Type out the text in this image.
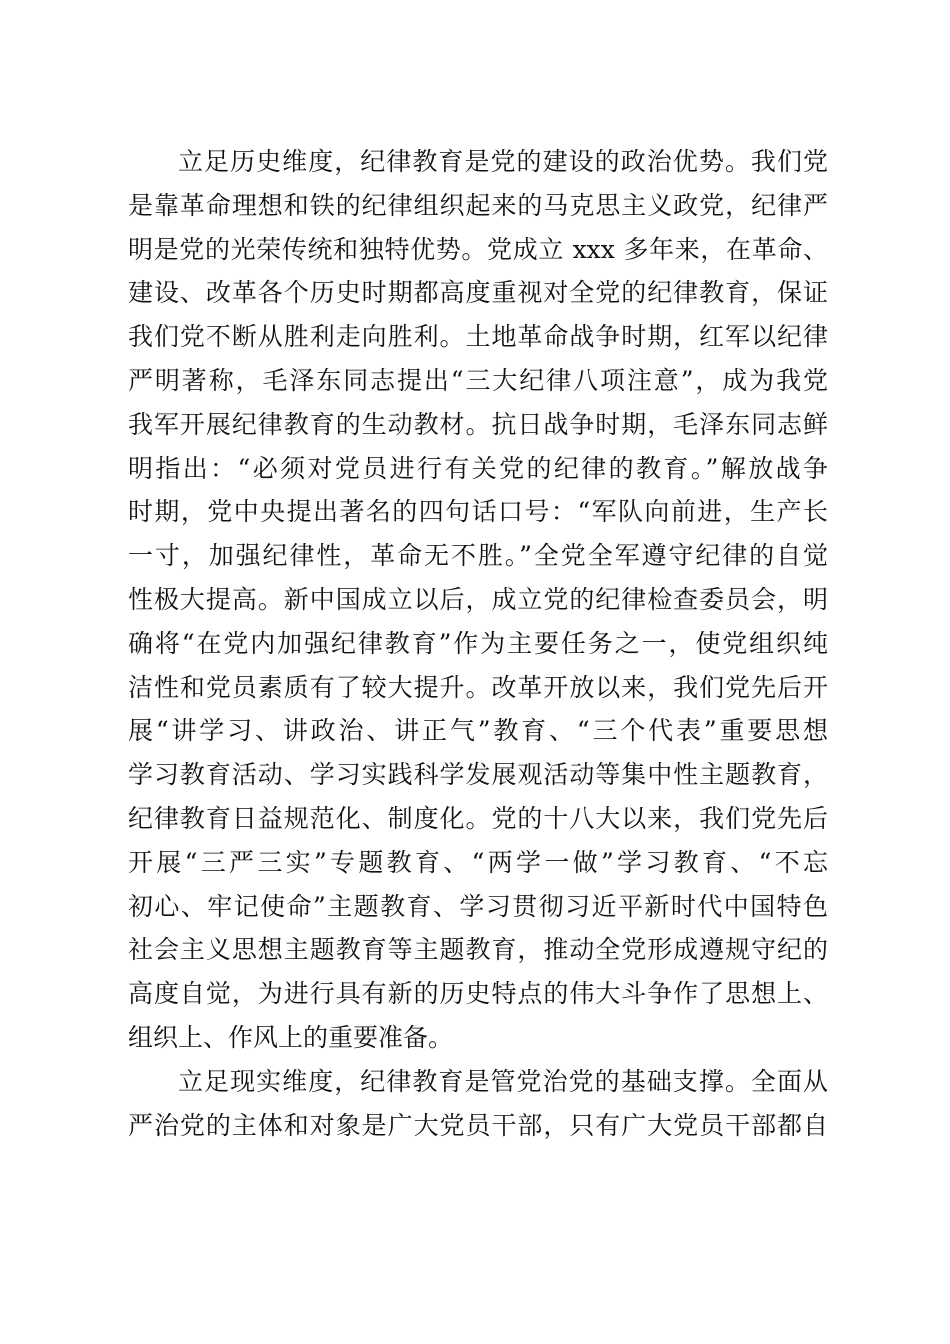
立足历史维度，纪律教育是党的建设的政治优势。我们党
是靠革命理想和铁的纪律组织起来的马克思主义政党，纪律严
明是党的光荣传统和独特优势。党成立 xxx 多年来，在革命、
建设、改革各个历史时期都高度重视对全党的纪律教育，保证
我们党不断从胜利走向胜利。土地革命战争时期，红军以纪律
严明著称，毛泽东同志提出“三大纪律八项注意”，成为我党
我军开展纪律教育的生动教材。抗日战争时期，毛泽东同志鲜
明指出：“必须对党员进行有关党的纪律的教育。”解放战争
时期，党中央提出著名的四句话口号：“军队向前进，生产长
一寸，加强纪律性，革命无不胜。”全党全军遵守纪律的自觉
性极大提高。新中国成立以后，成立党的纪律检查委员会，明
确将“在党内加强纪律教育”作为主要任务之一，使党组织纯
洁性和党员素质有了较大提升。改革开放以来，我们党先后开
展“讲学习、讲政治、讲正气”教育、“三个代表”重要思想
学习教育活动、学习实践科学发展观活动等集中性主题教育，
纪律教育日益规范化、制度化。党的十八大以来，我们党先后
开展“三严三实”专题教育、“两学一做”学习教育、“不忘
初心、牢记使命”主题教育、学习贯彻习近平新时代中国特色
社会主义思想主题教育等主题教育，推动全党形成遵规守纪的
高度自觉，为进行具有新的历史特点的伟大斗争作了思想上、
组织上、作风上的重要准备。
立足现实维度，纪律教育是管党治党的基础支撑。全面从
严治党的主体和对象是广大党员干部，只有广大党员干部都自
